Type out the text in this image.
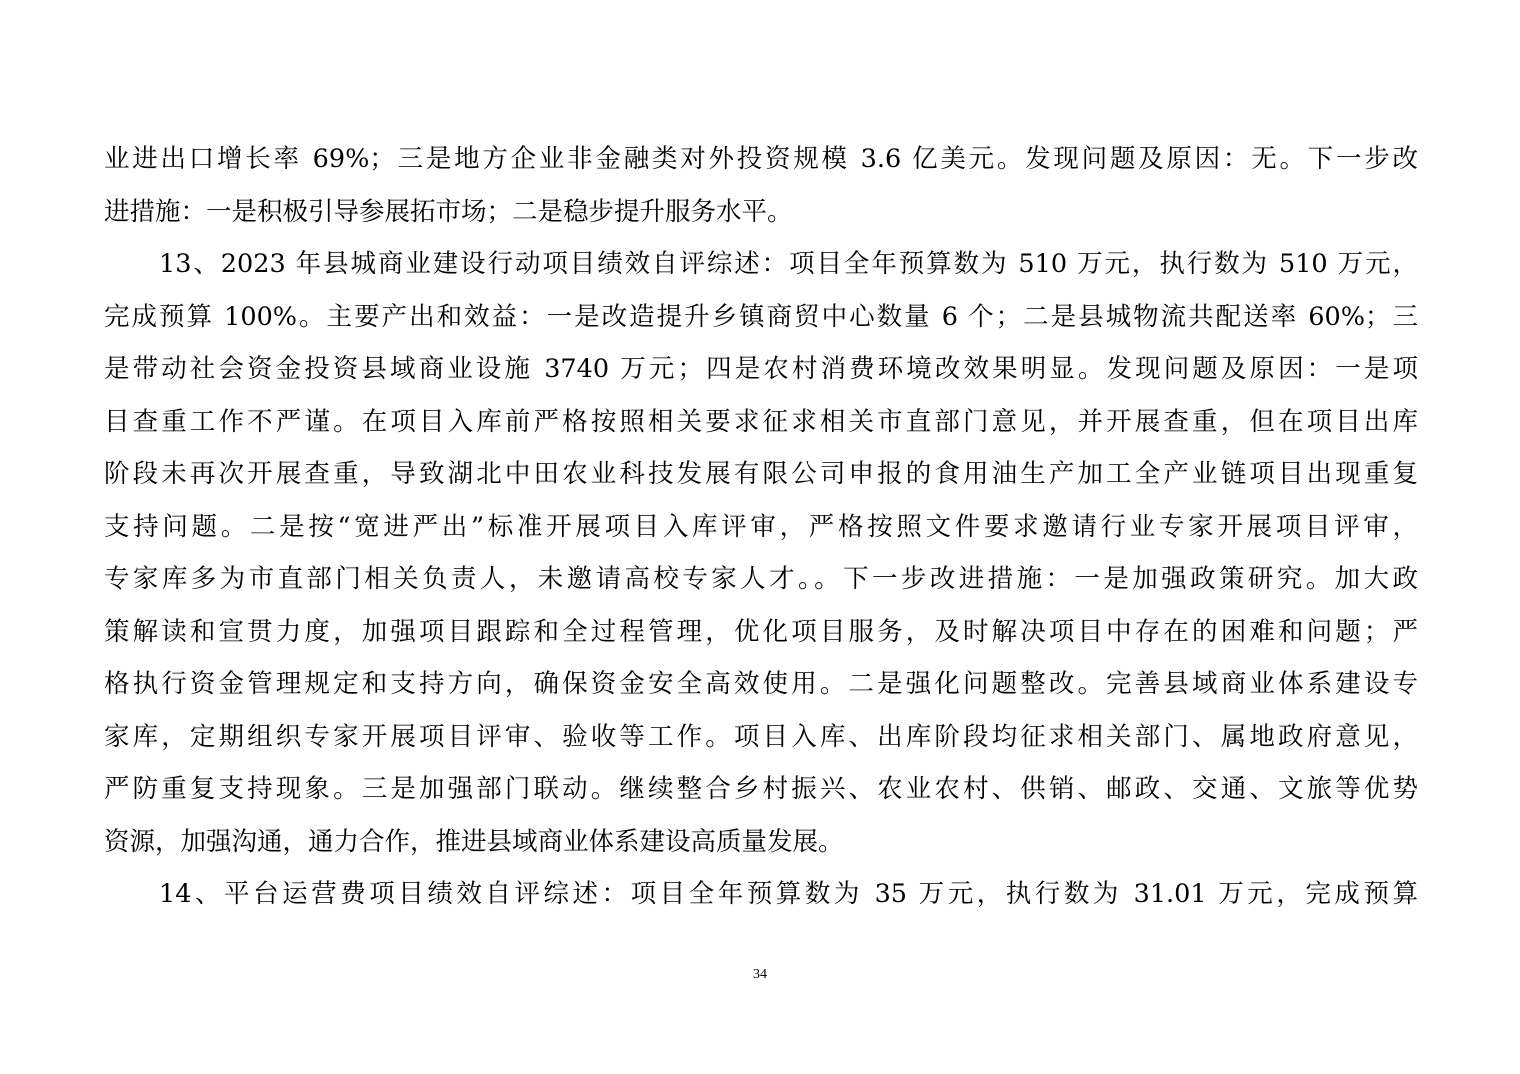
业进出口增长率 69%；三是地方企业非金融类对外投资规模 3.6 亿美元。发现问题及原因：无。下一步改
进措施：一是积极引导参展拓市场；二是稳步提升服务水平。
13、2023 年县城商业建设行动项目绩效自评综述：项目全年预算数为 510 万元，执行数为 510 万元，
完成预算 100%。主要产出和效益：一是改造提升乡镇商贸中心数量 6 个；二是县城物流共配送率 60%；三
是带动社会资金投资县域商业设施 3740 万元；四是农村消费环境改效果明显。发现问题及原因：一是项
目查重工作不严谨。在项目入库前严格按照相关要求征求相关市直部门意见，并开展查重，但在项目出库
阶段未再次开展查重，导致湖北中田农业科技发展有限公司申报的食用油生产加工全产业链项目出现重复
支持问题。二是按“宽进严出”标准开展项目入库评审，严格按照文件要求邀请行业专家开展项目评审，
专家库多为市直部门相关负责人，未邀请高校专家人才。。下一步改进措施：一是加强政策研究。加大政
策解读和宣贯力度，加强项目跟踪和全过程管理，优化项目服务，及时解决项目中存在的困难和问题；严
格执行资金管理规定和支持方向，确保资金安全高效使用。二是强化问题整改。完善县域商业体系建设专
家库，定期组织专家开展项目评审、验收等工作。项目入库、出库阶段均征求相关部门、属地政府意见，
严防重复支持现象。三是加强部门联动。继续整合乡村振兴、农业农村、供销、邮政、交通、文旅等优势
资源，加强沟通，通力合作，推进县域商业体系建设高质量发展。
14、平台运营费项目绩效自评综述：项目全年预算数为 35 万元，执行数为 31.01 万元，完成预算
34
